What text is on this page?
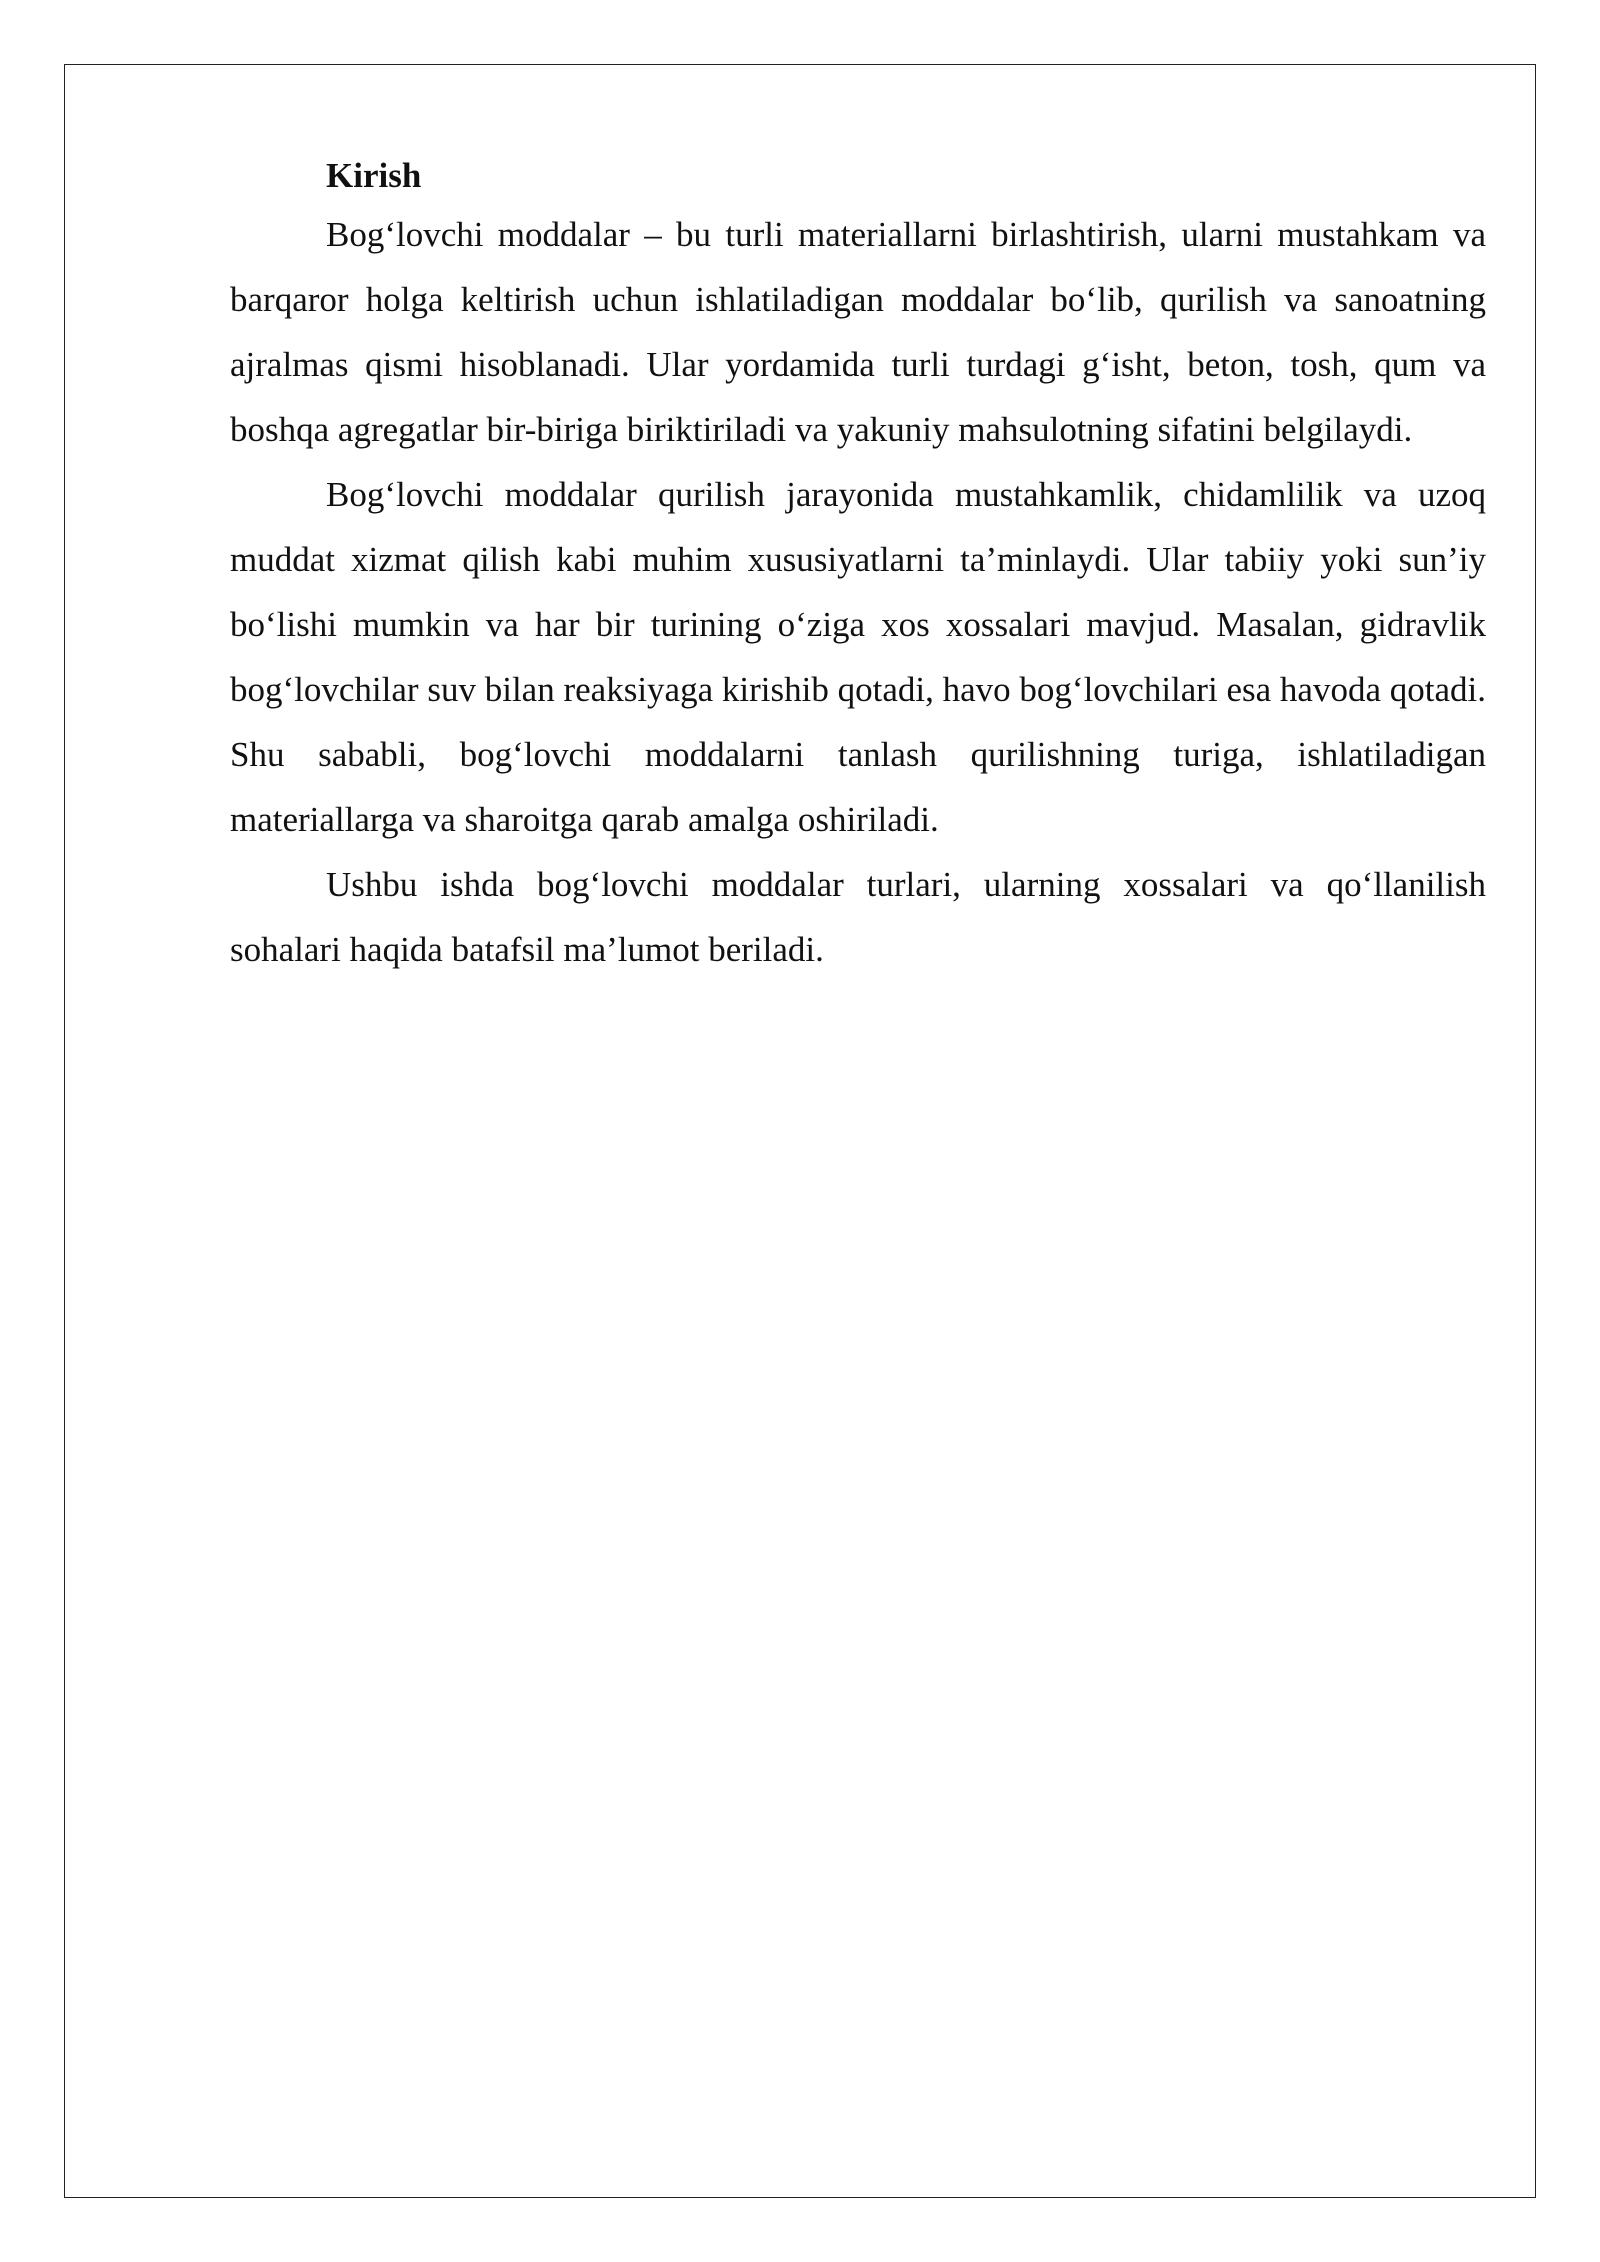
Kirish

Bog‘lovchi moddalar – bu turli materiallarni birlashtirish, ularni mustahkam va barqaror holga keltirish uchun ishlatiladigan moddalar bo‘lib, qurilish va sanoatning ajralmas qismi hisoblanadi. Ular yordamida turli turdagi g‘isht, beton, tosh, qum va boshqa agregatlar bir-biriga biriktiriladi va yakuniy mahsulotning sifatini belgilaydi.

Bog‘lovchi moddalar qurilish jarayonida mustahkamlik, chidamlilik va uzoq muddat xizmat qilish kabi muhim xususiyatlarni ta’minlaydi. Ular tabiiy yoki sun’iy bo‘lishi mumkin va har bir turining o‘ziga xos xossalari mavjud. Masalan, gidravlik bog‘lovchilar suv bilan reaksiyaga kirishib qotadi, havo bog‘lovchilari esa havoda qotadi. Shu sababli, bog‘lovchi moddalarni tanlash qurilishning turiga, ishlatiladigan materiallarga va sharoitga qarab amalga oshiriladi.

Ushbu ishda bog‘lovchi moddalar turlari, ularning xossalari va qo‘llanilish sohalari haqida batafsil ma’lumot beriladi.
